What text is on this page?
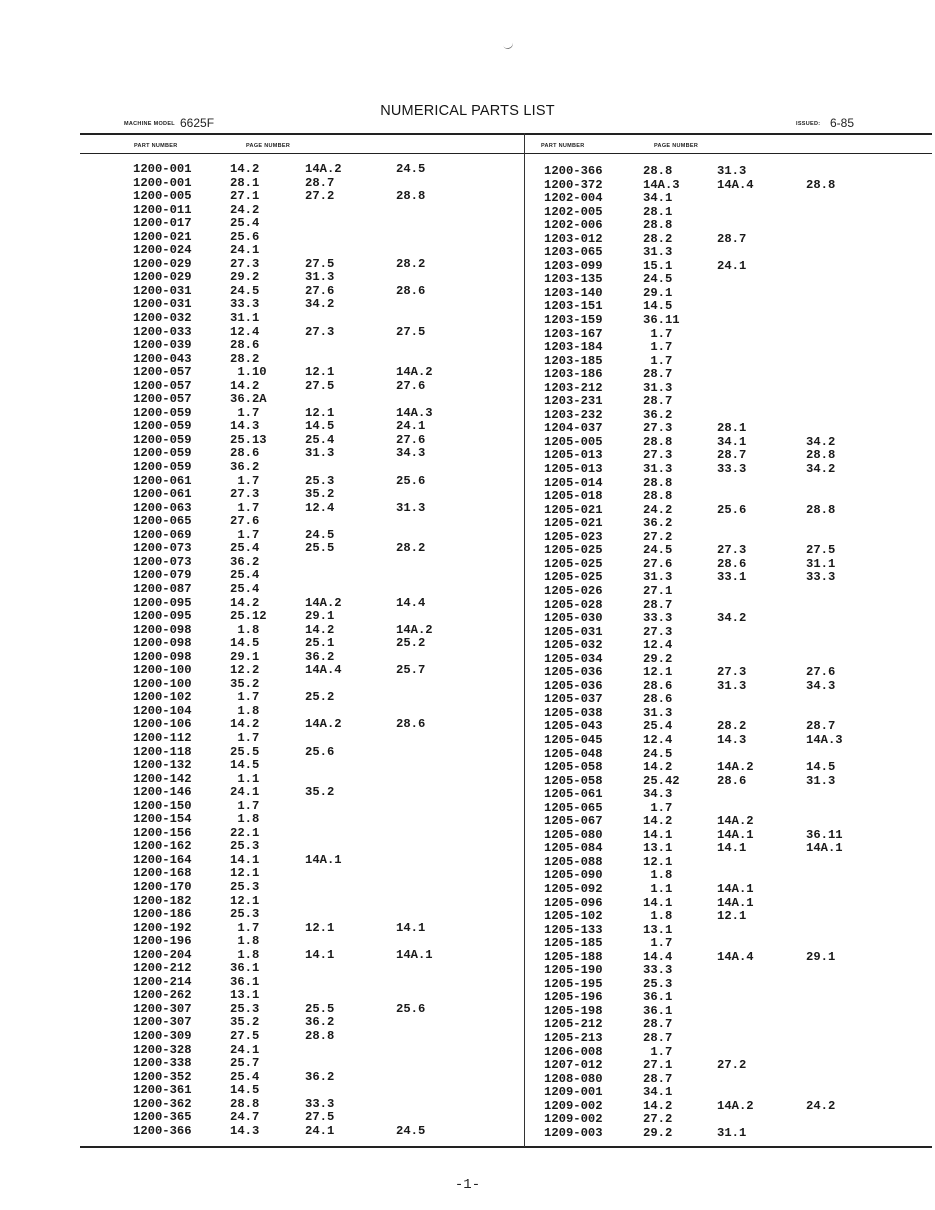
NUMERICAL PARTS LIST
MACHINE MODEL 6625F	ISSUED: 6-85
PART NUMBER	PAGE NUMBER	PART NUMBER	PAGE NUMBER
1200-001	14.2	14A.2	24.5
1200-001	28.1	28.7
1200-005	27.1	27.2	28.8
1200-011	24.2
1200-017	25.4
1200-021	25.6
1200-024	24.1
1200-029	27.3	27.5	28.2
1200-029	29.2	31.3
1200-031	24.5	27.6	28.6
1200-031	33.3	34.2
1200-032	31.1
1200-033	12.4	27.3	27.5
1200-039	28.6
1200-043	28.2
1200-057	1.10	12.1	14A.2
1200-057	14.2	27.5	27.6
1200-057	36.2A
1200-059	1.7	12.1	14A.3
1200-059	14.3	14.5	24.1
1200-059	25.13	25.4	27.6
1200-059	28.6	31.3	34.3
1200-059	36.2
1200-061	1.7	25.3	25.6
1200-061	27.3	35.2
1200-063	1.7	12.4	31.3
1200-065	27.6
1200-069	1.7	24.5
1200-073	25.4	25.5	28.2
1200-073	36.2
1200-079	25.4
1200-087	25.4
1200-095	14.2	14A.2	14.4
1200-095	25.12	29.1
1200-098	1.8	14.2	14A.2
1200-098	14.5	25.1	25.2
1200-098	29.1	36.2
1200-100	12.2	14A.4	25.7
1200-100	35.2
1200-102	1.7	25.2
1200-104	1.8
1200-106	14.2	14A.2	28.6
1200-112	1.7
1200-118	25.5	25.6
1200-132	14.5
1200-142	1.1
1200-146	24.1	35.2
1200-150	1.7
1200-154	1.8
1200-156	22.1
1200-162	25.3
1200-164	14.1	14A.1
1200-168	12.1
1200-170	25.3
1200-182	12.1
1200-186	25.3
1200-192	1.7	12.1	14.1
1200-196	1.8
1200-204	1.8	14.1	14A.1
1200-212	36.1
1200-214	36.1
1200-262	13.1
1200-307	25.3	25.5	25.6
1200-307	35.2	36.2
1200-309	27.5	28.8
1200-328	24.1
1200-338	25.7
1200-352	25.4	36.2
1200-361	14.5
1200-362	28.8	33.3
1200-365	24.7	27.5
1200-366	14.3	24.1	24.5
1200-366	28.8	31.3
1200-372	14A.3	14A.4	28.8
1202-004	34.1
1202-005	28.1
1202-006	28.8
1203-012	28.2	28.7
1203-065	31.3
1203-099	15.1	24.1
1203-135	24.5
1203-140	29.1
1203-151	14.5
1203-159	36.11
1203-167	1.7
1203-184	1.7
1203-185	1.7
1203-186	28.7
1203-212	31.3
1203-231	28.7
1203-232	36.2
1204-037	27.3	28.1
1205-005	28.8	34.1	34.2
1205-013	27.3	28.7	28.8
1205-013	31.3	33.3	34.2
1205-014	28.8
1205-018	28.8
1205-021	24.2	25.6	28.8
1205-021	36.2
1205-023	27.2
1205-025	24.5	27.3	27.5
1205-025	27.6	28.6	31.1
1205-025	31.3	33.1	33.3
1205-026	27.1
1205-028	28.7
1205-030	33.3	34.2
1205-031	27.3
1205-032	12.4
1205-034	29.2
1205-036	12.1	27.3	27.6
1205-036	28.6	31.3	34.3
1205-037	28.6
1205-038	31.3
1205-043	25.4	28.2	28.7
1205-045	12.4	14.3	14A.3
1205-048	24.5
1205-058	14.2	14A.2	14.5
1205-058	25.42	28.6	31.3
1205-061	34.3
1205-065	1.7
1205-067	14.2	14A.2
1205-080	14.1	14A.1	36.11
1205-084	13.1	14.1	14A.1
1205-088	12.1
1205-090	1.8
1205-092	1.1	14A.1
1205-096	14.1	14A.1
1205-102	1.8	12.1
1205-133	13.1
1205-185	1.7
1205-188	14.4	14A.4	29.1
1205-190	33.3
1205-195	25.3
1205-196	36.1
1205-198	36.1
1205-212	28.7
1205-213	28.7
1206-008	1.7
1207-012	27.1	27.2
1208-080	28.7
1209-001	34.1
1209-002	14.2	14A.2	24.2
1209-002	27.2
1209-003	29.2	31.1
-1-
